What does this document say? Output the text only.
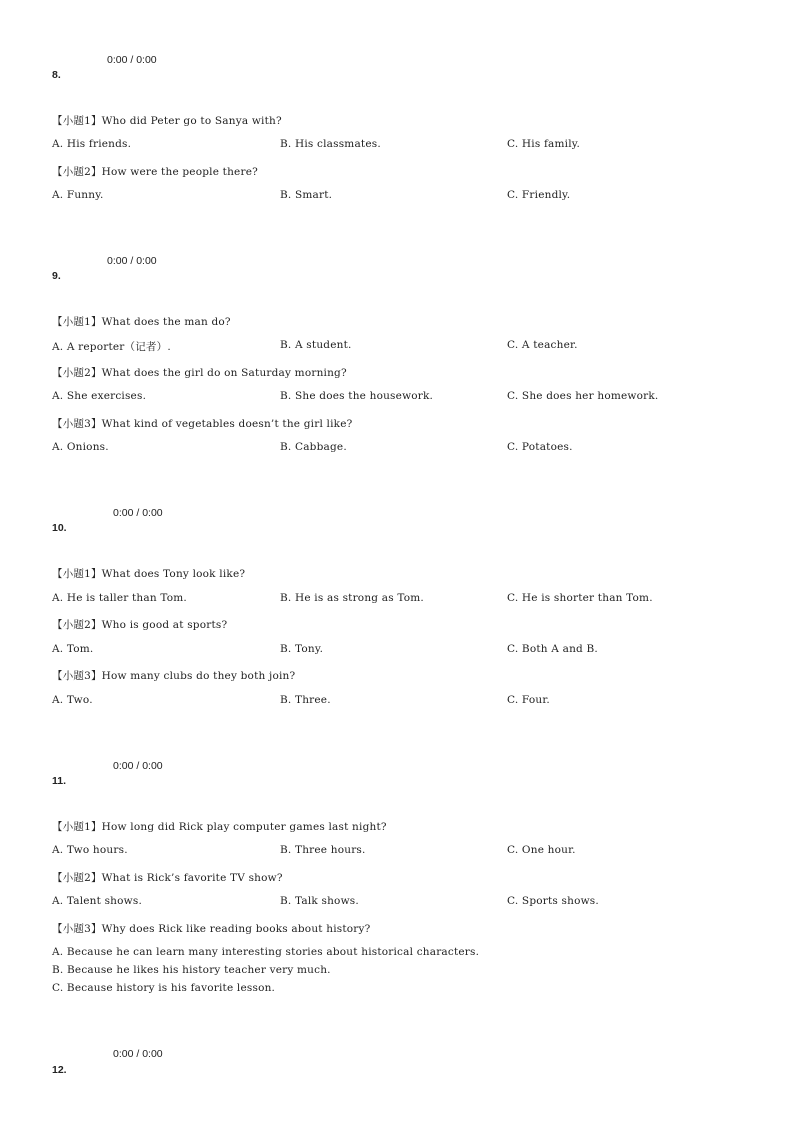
0:00 / 0:00
8.
【小题1】Who did Peter go to Sanya with?
A. His friends.	B. His classmates.	C. His family.
【小题2】How were the people there?
A. Funny.	B. Smart.	C. Friendly.
0:00 / 0:00
9.
【小题1】What does the man do?
A. A reporter（记者）.	B. A student.	C. A teacher.
【小题2】What does the girl do on Saturday morning?
A. She exercises.	B. She does the housework.	C. She does her homework.
【小题3】What kind of vegetables doesn’t the girl like?
A. Onions.	B. Cabbage.	C. Potatoes.
0:00 / 0:00
10.
【小题1】What does Tony look like?
A. He is taller than Tom.	B. He is as strong as Tom.	C. He is shorter than Tom.
【小题2】Who is good at sports?
A. Tom.	B. Tony.	C. Both A and B.
【小题3】How many clubs do they both join?
A. Two.	B. Three.	C. Four.
0:00 / 0:00
11.
【小题1】How long did Rick play computer games last night?
A. Two hours.	B. Three hours.	C. One hour.
【小题2】What is Rick’s favorite TV show?
A. Talent shows.	B. Talk shows.	C. Sports shows.
【小题3】Why does Rick like reading books about history?
A. Because he can learn many interesting stories about historical characters.
B. Because he likes his history teacher very much.
C. Because history is his favorite lesson.
0:00 / 0:00
12.
